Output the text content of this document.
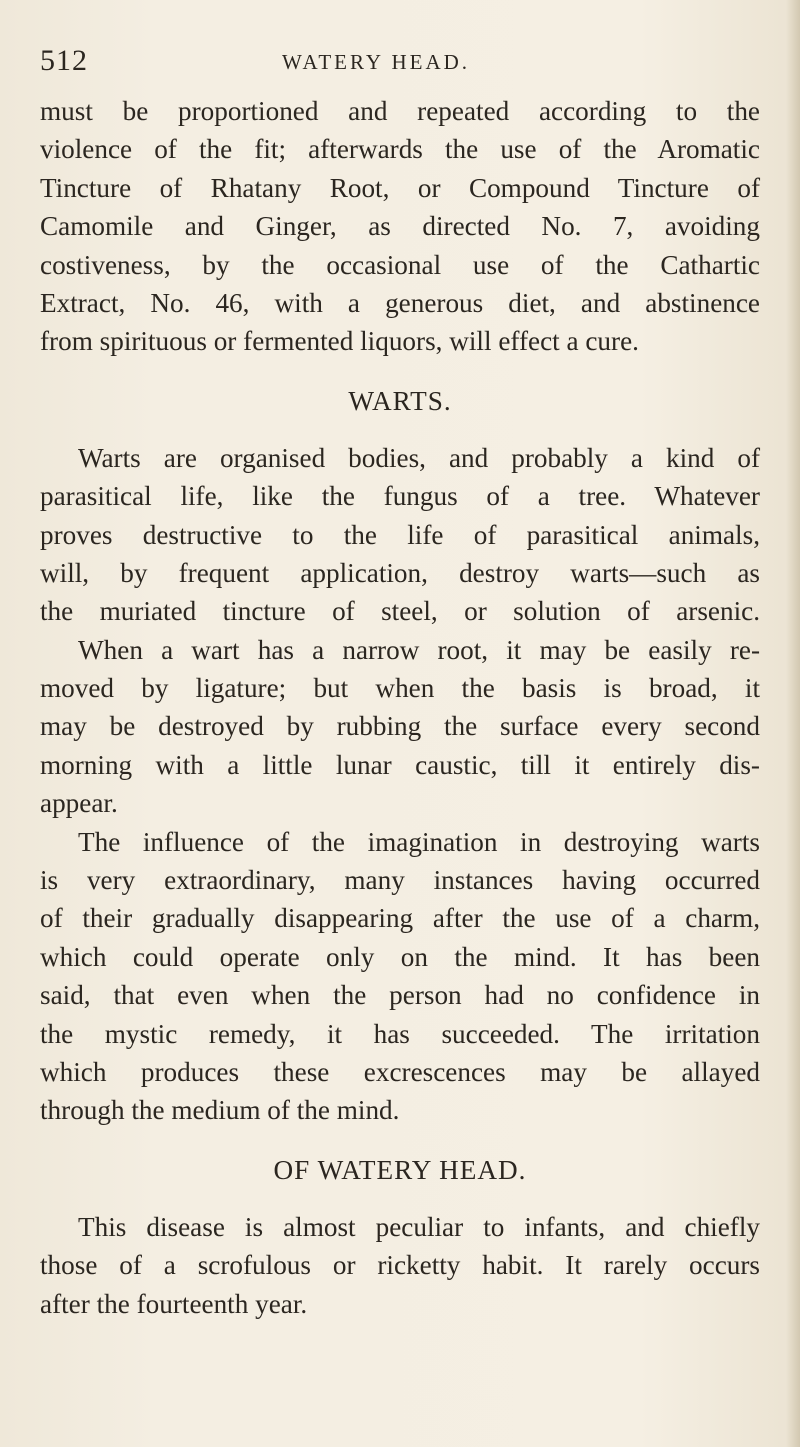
512	WATERY HEAD.
must be proportioned and repeated according to the
violence of the fit; afterwards the use of the Aromatic
Tincture of Rhatany Root, or Compound Tincture of
Camomile and Ginger, as directed No. 7, avoiding
costiveness, by the occasional use of the Cathartic
Extract, No. 46, with a generous diet, and abstinence
from spirituous or fermented liquors, will effect a cure.
WARTS.
Warts are organised bodies, and probably a kind of
parasitical life, like the fungus of a tree. Whatever
proves destructive to the life of parasitical animals,
will, by frequent application, destroy warts—such as
the muriated tincture of steel, or solution of arsenic.
When a wart has a narrow root, it may be easily re-
moved by ligature; but when the basis is broad, it
may be destroyed by rubbing the surface every second
morning with a little lunar caustic, till it entirely dis-
appear.
The influence of the imagination in destroying warts
is very extraordinary, many instances having occurred
of their gradually disappearing after the use of a charm,
which could operate only on the mind. It has been
said, that even when the person had no confidence in
the mystic remedy, it has succeeded. The irritation
which produces these excrescences may be allayed
through the medium of the mind.
OF WATERY HEAD.
This disease is almost peculiar to infants, and chiefly
those of a scrofulous or ricketty habit. It rarely occurs
after the fourteenth year.
